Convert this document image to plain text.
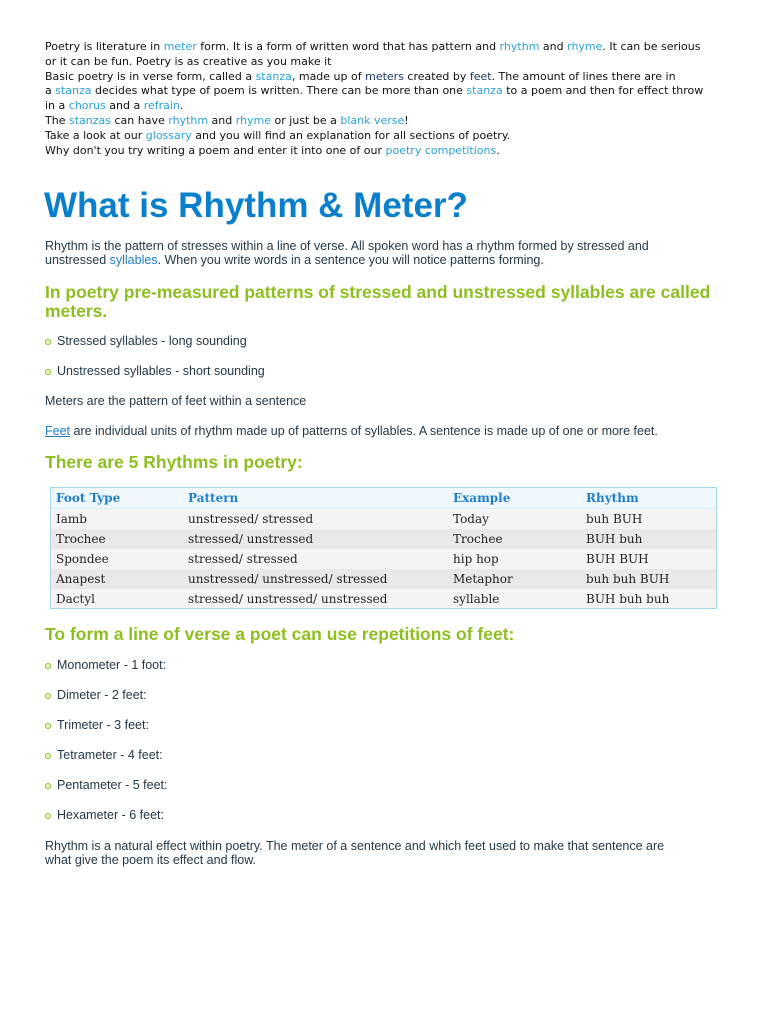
Poetry is literature in meter form. It is a form of written word that has pattern and rhythm and rhyme. It can be serious

or it can be fun. Poetry is as creative as you make it

Basic poetry is in verse form, called a stanza, made up of meters created by feet. The amount of lines there are in

a stanza decides what type of poem is written. There can be more than one stanza to a poem and then for effect throw

in a chorus and a refrain.

The stanzas can have rhythm and rhyme or just be a blank verse!

Take a look at our glossary and you will find an explanation for all sections of poetry.

Why don't you try writing a poem and enter it into one of our poetry competitions.

What is Rhythm & Meter?
Rhythm is the pattern of stresses within a line of verse. All spoken word has a rhythm formed by stressed and
unstressed syllables. When you write words in a sentence you will notice patterns forming.
In poetry pre-measured patterns of stressed and unstressed syllables are called meters.
Stressed syllables - long sounding
Unstressed syllables - short sounding
Meters are the pattern of feet within a sentence
Feet are individual units of rhythm made up of patterns of syllables. A sentence is made up of one or more feet.
There are 5 Rhythms in poetry:
Foot Type	Pattern	Example	Rhythm
Iamb	unstressed/ stressed	Today	buh BUH
Trochee	stressed/ unstressed	Trochee	BUH buh
Spondee	stressed/ stressed	hip hop	BUH BUH
Anapest	unstressed/ unstressed/ stressed	Metaphor	buh buh BUH
Dactyl	stressed/ unstressed/ unstressed	syllable	BUH buh buh
To form a line of verse a poet can use repetitions of feet:
Monometer - 1 foot:
Dimeter - 2 feet:
Trimeter - 3 feet:
Tetrameter - 4 feet:
Pentameter - 5 feet:
Hexameter - 6 feet:
Rhythm is a natural effect within poetry. The meter of a sentence and which feet used to make that sentence are
what give the poem its effect and flow.
